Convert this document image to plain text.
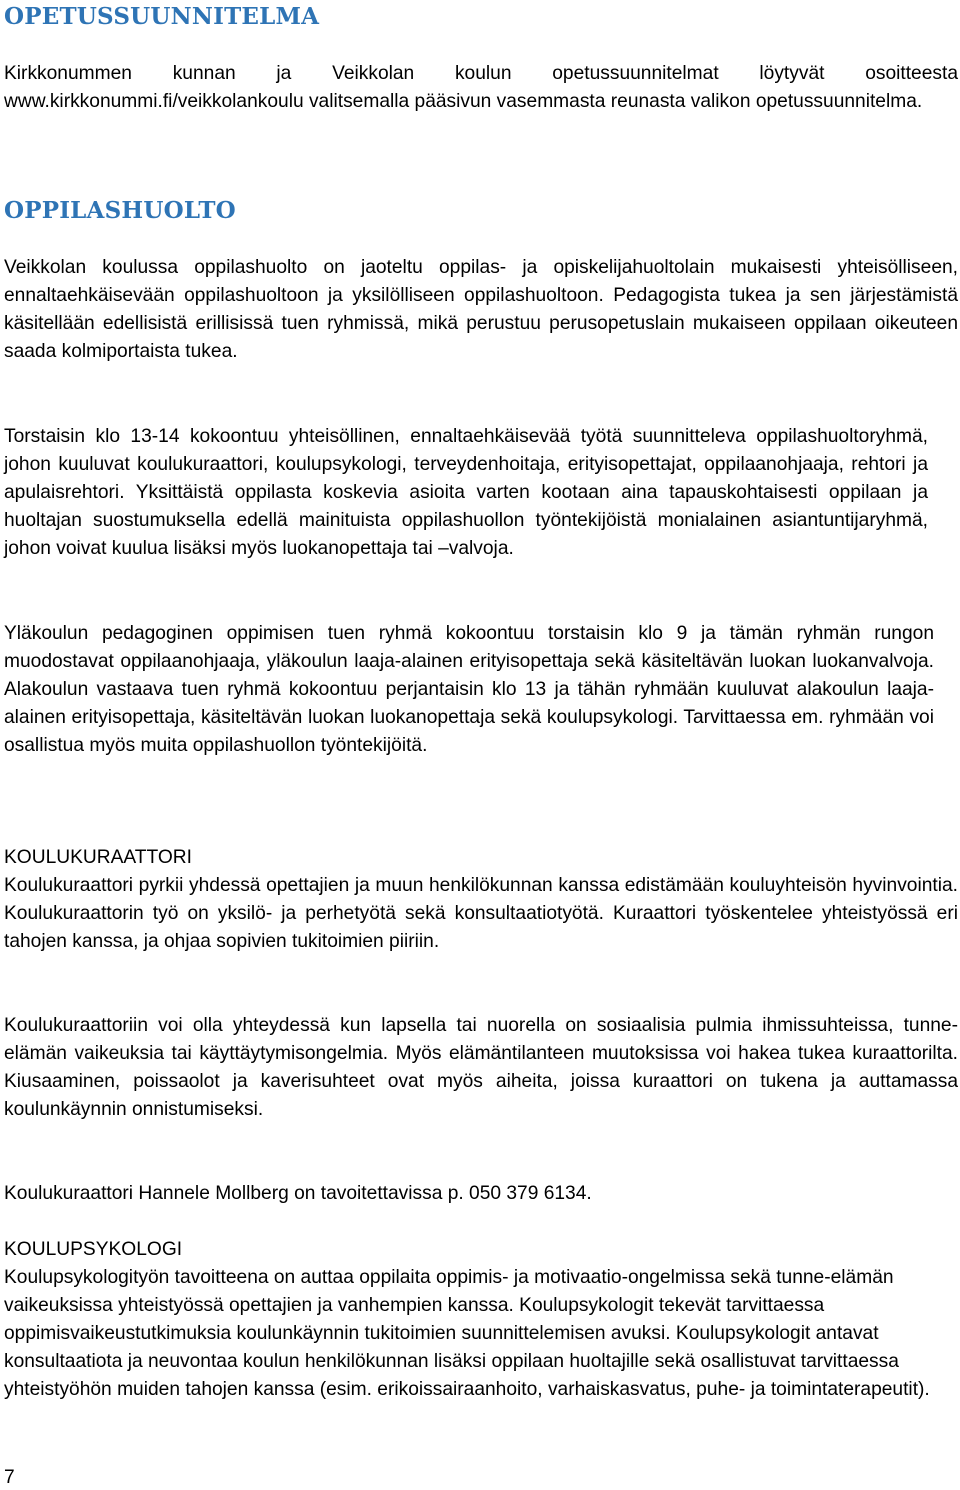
OPETUSSUUNNITELMA

Kirkkonummen kunnan ja Veikkolan koulun opetussuunnitelmat löytyvät osoitteesta www.kirkkonummi.fi/veikkolankoulu valitsemalla pääsivun vasemmasta reunasta valikon opetussuunnitelma.

OPPILASHUOLTO

Veikkolan koulussa oppilashuolto on jaoteltu oppilas- ja opiskelijahuoltolain mukaisesti yhteisölliseen, ennaltaehkäisevään oppilashuoltoon ja yksilölliseen oppilashuoltoon. Pedagogista tukea ja sen järjestämistä käsitellään edellisistä erillisissä tuen ryhmissä, mikä perustuu perusopetuslain mukaiseen oppilaan oikeuteen saada kolmiportaista tukea.

Torstaisin klo 13-14 kokoontuu yhteisöllinen, ennaltaehkäisevää työtä suunnitteleva oppilashuoltoryhmä, johon kuuluvat koulukuraattori, koulupsykologi, terveydenhoitaja, erityisopettajat, oppilaanohjaaja, rehtori ja apulaisrehtori. Yksittäistä oppilasta koskevia asioita varten kootaan aina tapauskohtaisesti oppilaan ja huoltajan suostumuksella edellä mainituista oppilashuollon työntekijöistä monialainen asiantuntijaryhmä, johon voivat kuulua lisäksi myös luokanopettaja tai –valvoja.

Yläkoulun pedagoginen oppimisen tuen ryhmä kokoontuu torstaisin klo 9 ja tämän ryhmän rungon muodostavat oppilaanohjaaja, yläkoulun laaja-alainen erityisopettaja sekä käsiteltävän luokan luokanvalvoja. Alakoulun vastaava tuen ryhmä kokoontuu perjantaisin klo 13 ja tähän ryhmään kuuluvat alakoulun laaja-alainen erityisopettaja, käsiteltävän luokan luokanopettaja sekä koulupsykologi. Tarvittaessa em. ryhmään voi osallistua myös muita oppilashuollon työntekijöitä.

KOULUKURAATTORI

Koulukuraattori pyrkii yhdessä opettajien ja muun henkilökunnan kanssa edistämään kouluyhteisön hyvinvointia. Koulukuraattorin työ on yksilö- ja perhetyötä sekä konsultaatiotyötä. Kuraattori työskentelee yhteistyössä eri tahojen kanssa, ja ohjaa sopivien tukitoimien piiriin.

Koulukuraattoriin voi olla yhteydessä kun lapsella tai nuorella on sosiaalisia pulmia ihmissuhteissa, tunne-elämän vaikeuksia tai käyttäytymisongelmia. Myös elämäntilanteen muutoksissa voi hakea tukea kuraattorilta. Kiusaaminen, poissaolot ja kaverisuhteet ovat myös aiheita, joissa kuraattori on tukena ja auttamassa koulunkäynnin onnistumiseksi.

Koulukuraattori Hannele Mollberg on tavoitettavissa p. 050 379 6134.

KOULUPSYKOLOGI

Koulupsykologityön tavoitteena on auttaa oppilaita oppimis- ja motivaatio-ongelmissa sekä tunne-elämän vaikeuksissa yhteistyössä opettajien ja vanhempien kanssa. Koulupsykologit tekevät tarvittaessa oppimisvaikeustutkimuksia koulunkäynnin tukitoimien suunnittelemisen avuksi. Koulupsykologit antavat konsultaatiota ja neuvontaa koulun henkilökunnan lisäksi oppilaan huoltajille sekä osallistuvat tarvittaessa yhteistyöhön muiden tahojen kanssa (esim. erikoissairaanhoito, varhaiskasvatus, puhe- ja toimintaterapeutit).

7
